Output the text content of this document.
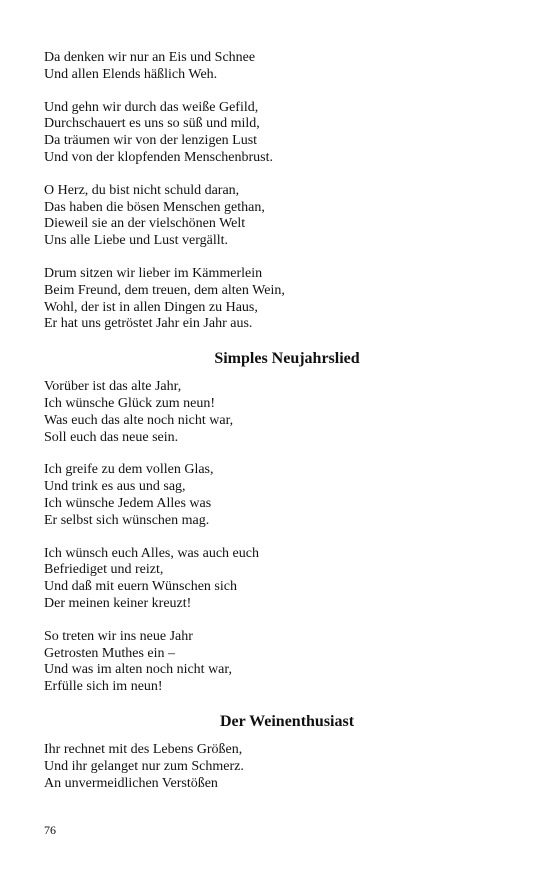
Da denken wir nur an Eis und Schnee
Und allen Elends häßlich Weh.
Und gehn wir durch das weiße Gefild,
Durchschauert es uns so süß und mild,
Da träumen wir von der lenzigen Lust
Und von der klopfenden Menschenbrust.
O Herz, du bist nicht schuld daran,
Das haben die bösen Menschen gethan,
Dieweil sie an der vielschönen Welt
Uns alle Liebe und Lust vergällt.
Drum sitzen wir lieber im Kämmerlein
Beim Freund, dem treuen, dem alten Wein,
Wohl, der ist in allen Dingen zu Haus,
Er hat uns getröstet Jahr ein Jahr aus.
Simples Neujahrslied
Vorüber ist das alte Jahr,
Ich wünsche Glück zum neun!
Was euch das alte noch nicht war,
Soll euch das neue sein.
Ich greife zu dem vollen Glas,
Und trink es aus und sag,
Ich wünsche Jedem Alles was
Er selbst sich wünschen mag.
Ich wünsch euch Alles, was auch euch
Befriediget und reizt,
Und daß mit euern Wünschen sich
Der meinen keiner kreuzt!
So treten wir ins neue Jahr
Getrosten Muthes ein –
Und was im alten noch nicht war,
Erfülle sich im neun!
Der Weinenthusiast
Ihr rechnet mit des Lebens Größen,
Und ihr gelanget nur zum Schmerz.
An unvermeidlichen Verstößen
76
